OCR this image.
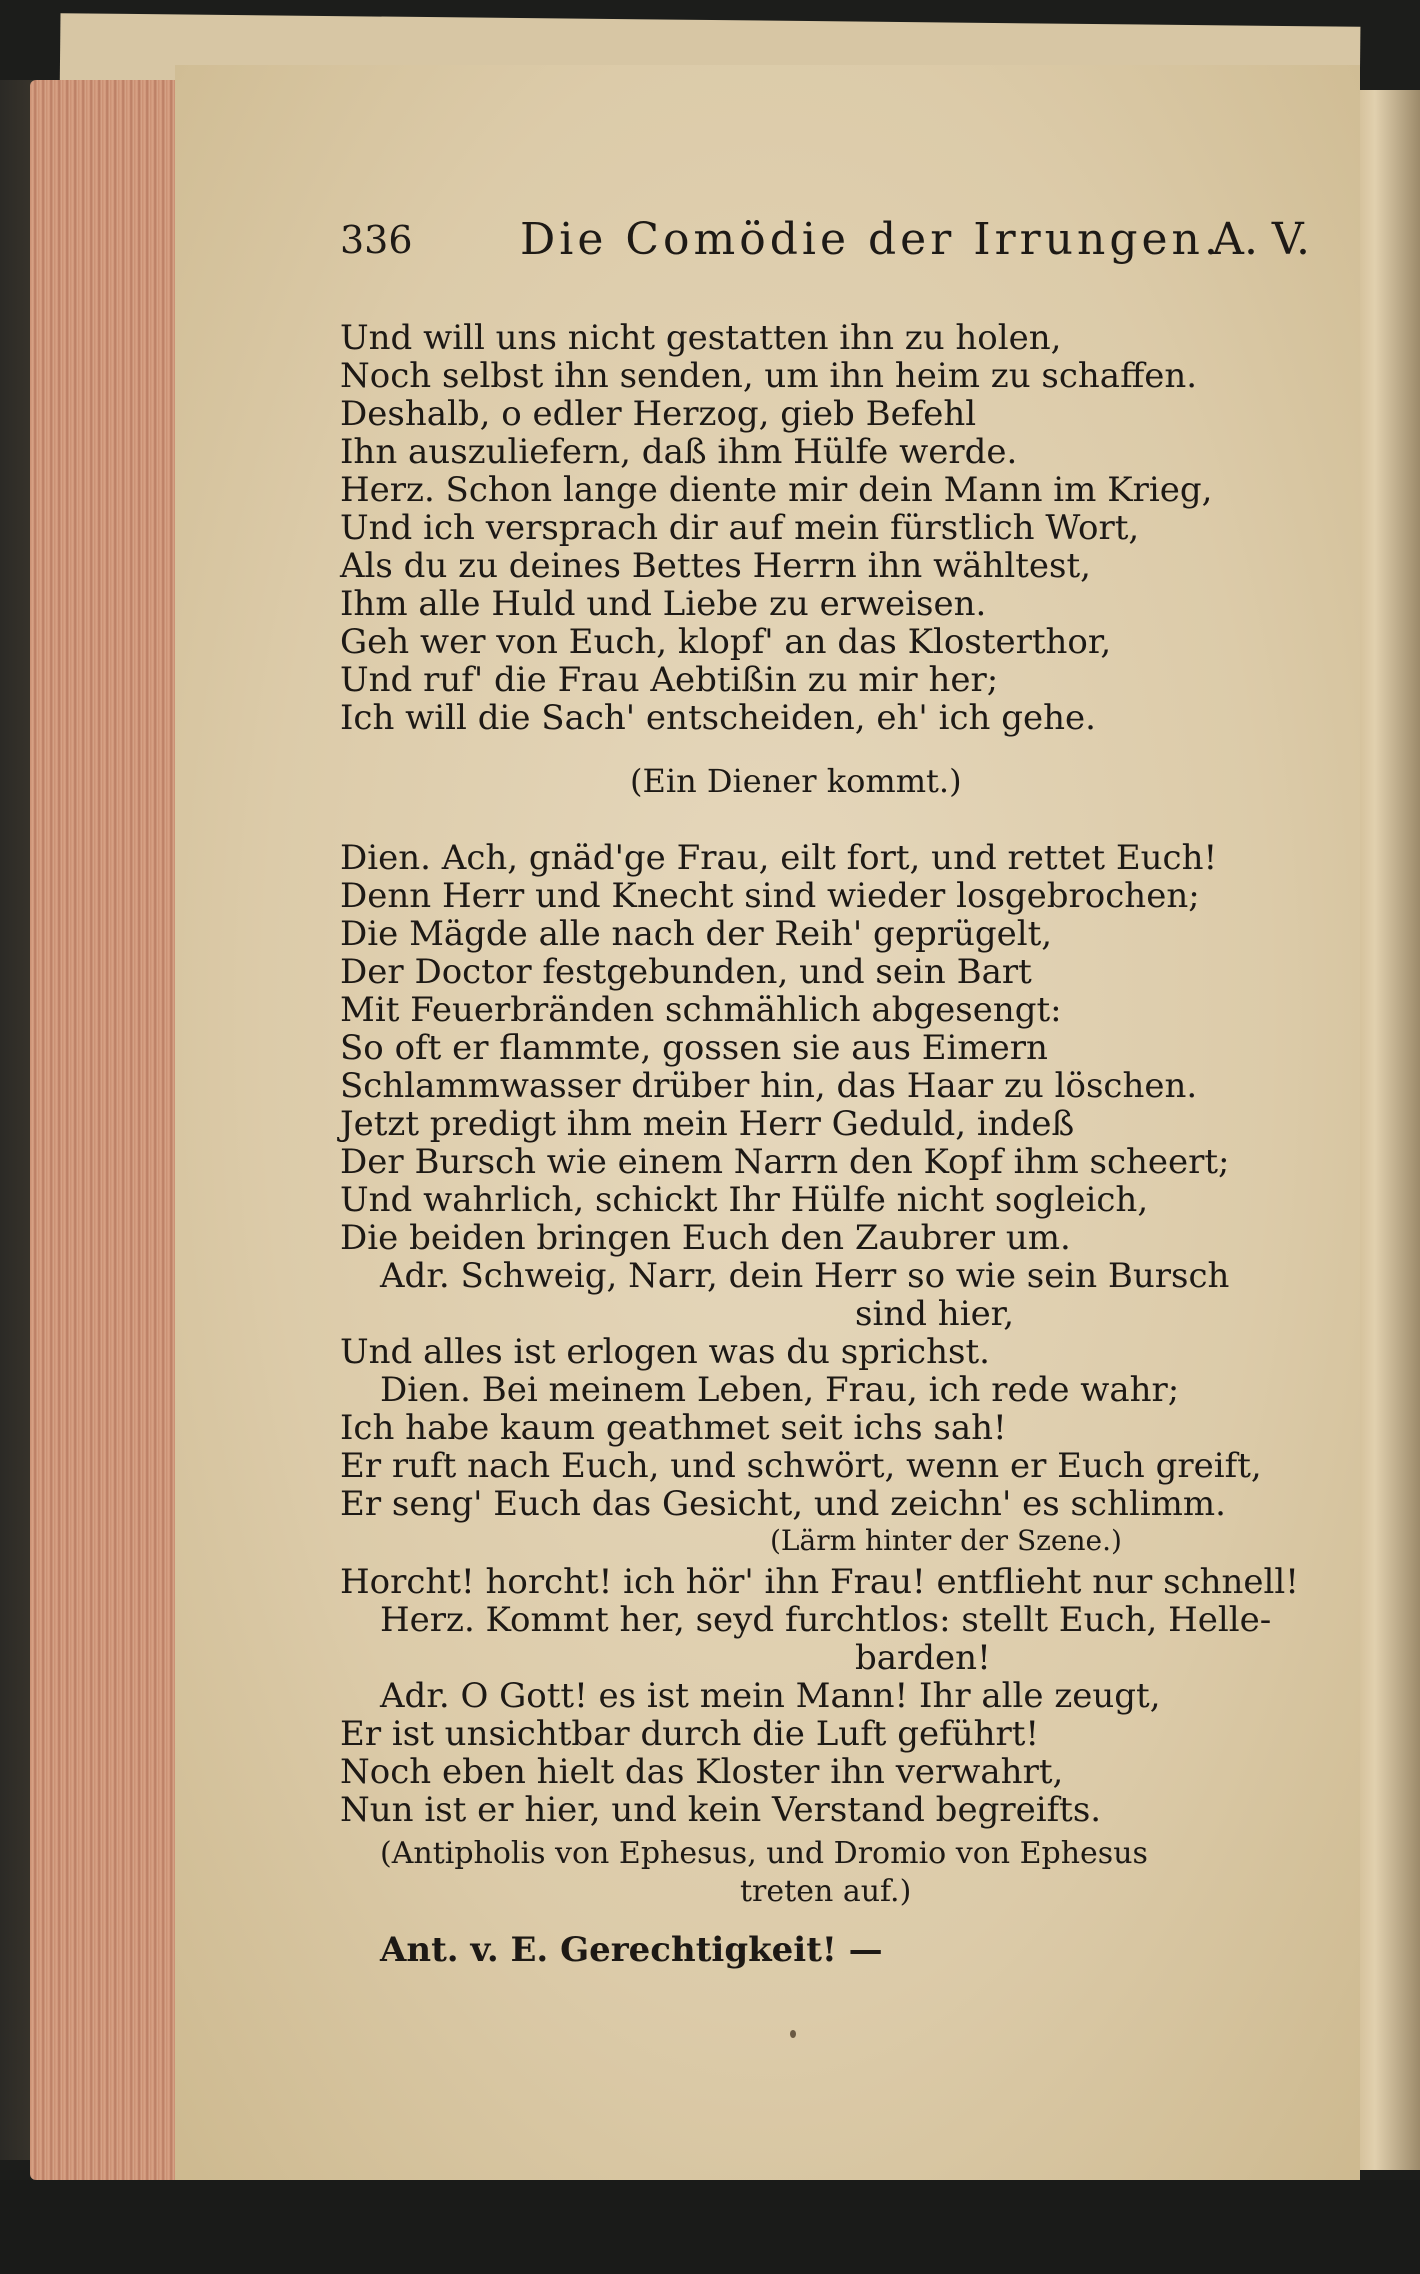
336 Die Comödie der Irrungen.
A. V.
Und will uns nicht gestatten ihn zu holen,
Noch selbst ihn senden, um ihn heim zu schaffen.
Deshalb, o edler Herzog, gieb Befehl
Ihn auszuliefern, daß ihm Hülfe werde.
Herz. Schon lange diente mir dein Mann im Krieg,
Und ich versprach dir auf mein fürstlich Wort,
Als du zu deines Bettes Herrn ihn wähltest,
Ihm alle Huld und Liebe zu erweisen.
Geh wer von Euch, klopf' an das Klosterthor,
Und ruf' die Frau Aebtißin zu mir her;
Ich will die Sach' entscheiden, eh' ich gehe.
(Ein Diener kommt.)
Dien. Ach, gnäd'ge Frau, eilt fort, und rettet Euch!
Denn Herr und Knecht sind wieder losgebrochen;
Die Mägde alle nach der Reih' geprügelt,
Der Doctor festgebunden, und sein Bart
Mit Feuerbränden schmählich abgesengt:
So oft er flammte, gossen sie aus Eimern
Schlammwasser drüber hin, das Haar zu löschen.
Jetzt predigt ihm mein Herr Geduld, indeß
Der Bursch wie einem Narrn den Kopf ihm scheert;
Und wahrlich, schickt Ihr Hülfe nicht sogleich,
Die beiden bringen Euch den Zaubrer um.
Adr. Schweig, Narr, dein Herr so wie sein Bursch
sind hier,
Und alles ist erlogen was du sprichst.
Dien. Bei meinem Leben, Frau, ich rede wahr;
Ich habe kaum geathmet seit ichs sah!
Er ruft nach Euch, und schwört, wenn er Euch greift,
Er seng' Euch das Gesicht, und zeichn' es schlimm.
(Lärm hinter der Szene.)
Horcht! horcht! ich hör' ihn Frau! entflieht nur schnell!
Herz. Kommt her, seyd furchtlos: stellt Euch, Helle-
barden!
Adr. O Gott! es ist mein Mann! Ihr alle zeugt,
Er ist unsichtbar durch die Luft geführt!
Noch eben hielt das Kloster ihn verwahrt,
Nun ist er hier, und kein Verstand begreifts.
(Antipholis von Ephesus, und Dromio von Ephesus
treten auf.)
Ant. v. E. Gerechtigkeit! —
